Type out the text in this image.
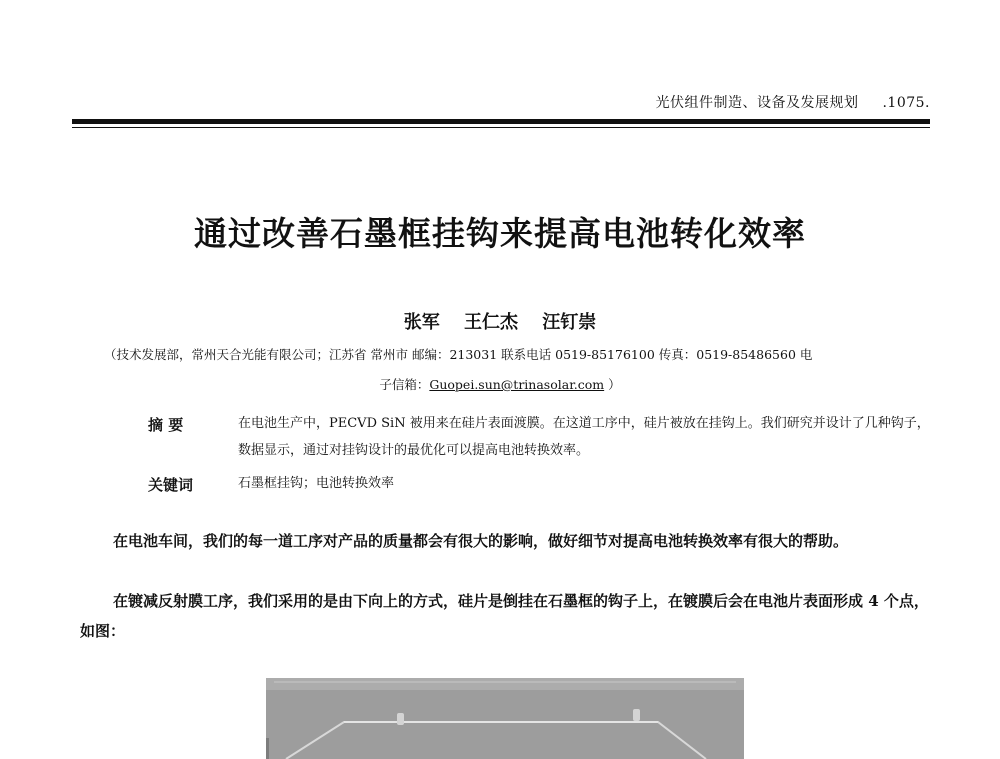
光伏组件制造、设备及发展规划 .1075.
通过改善石墨框挂钩来提高电池转化效率
张军 王仁杰 汪钉崇
（技术发展部，常州天合光能有限公司；江苏省 常州市 邮编：213031 联系电话 0519-85176100 传真：0519-85486560 电
子信箱：Guopei.sun@trinasolar.com ）
摘 要	在电池生产中，PECVD SiN 被用来在硅片表面渡膜。在这道工序中，硅片被放在挂钩上。我们研究并设计了几种钩子，数据显示，通过对挂钩设计的最优化可以提高电池转换效率。
关键词	石墨框挂钩；电池转换效率
在电池车间，我们的每一道工序对产品的质量都会有很大的影响，做好细节对提高电池转换效率有很大的帮助。
在镀减反射膜工序，我们采用的是由下向上的方式，硅片是倒挂在石墨框的钩子上，在镀膜后会在电池片表面形成 4 个点，如图：
